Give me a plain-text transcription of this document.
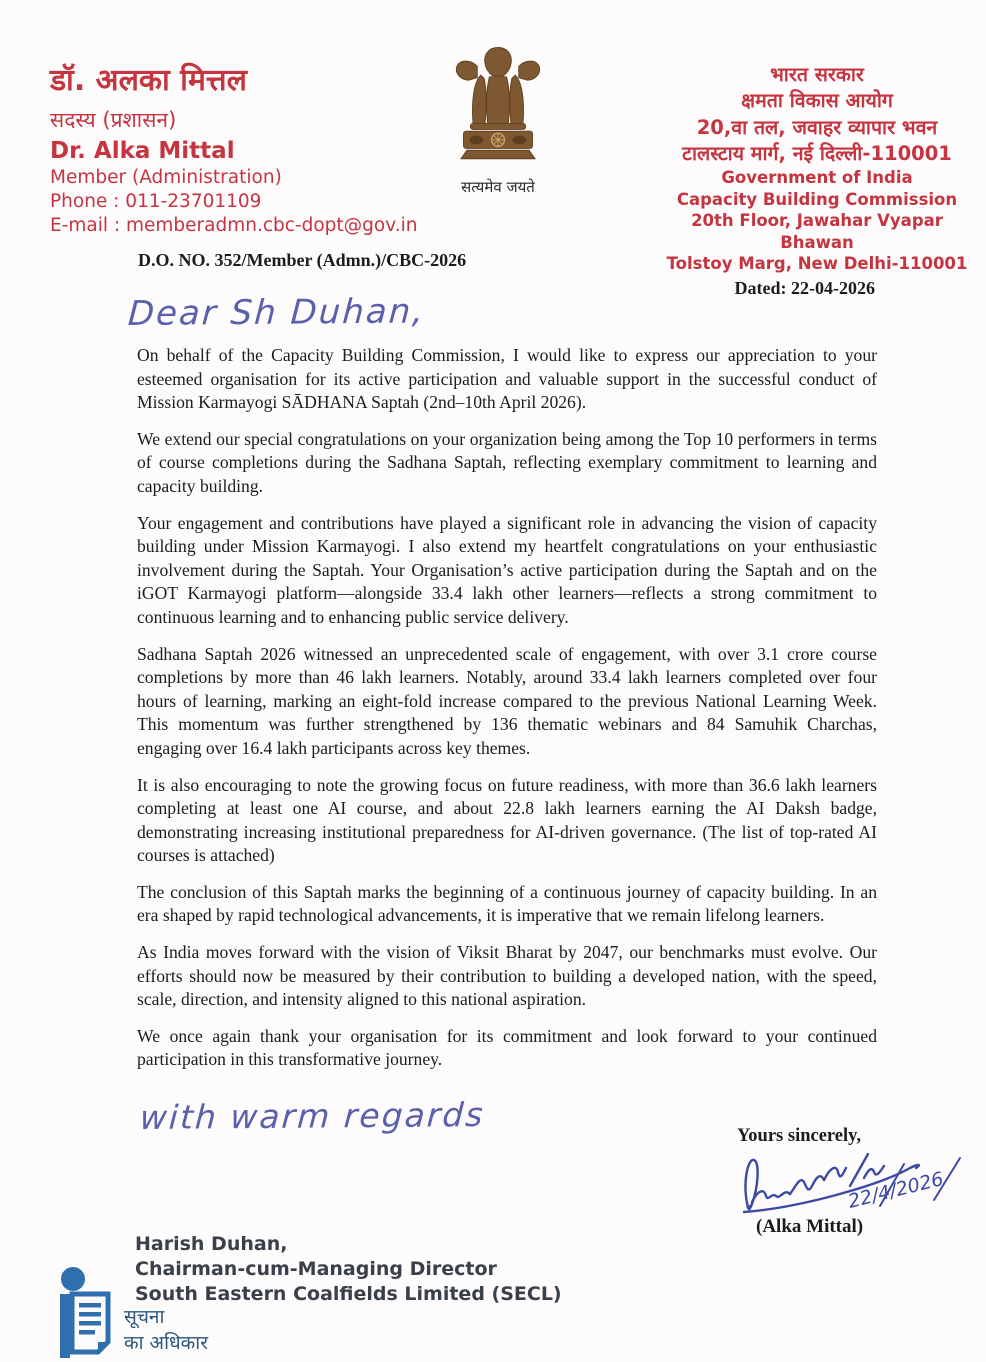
डॉ. अलका मित्तल
सदस्य (प्रशासन)
Dr. Alka Mittal
Member (Administration)
Phone : 011-23701109
E-mail : memberadmn.cbc-dopt@gov.in
सत्यमेव जयते
भारत सरकार
क्षमता विकास आयोग
20,वा तल, जवाहर व्यापार भवन
टालस्टाय मार्ग, नई दिल्ली-110001
Government of India
Capacity Building Commission
20th Floor, Jawahar Vyapar Bhawan
Tolstoy Marg, New Delhi-110001
D.O. NO. 352/Member (Admn.)/CBC-2026
Dated: 22-04-2026
Dear Sh Duhan,

On behalf of the Capacity Building Commission, I would like to express our appreciation to your esteemed organisation for its active participation and valuable support in the successful conduct of Mission Karmayogi SĀDHANA Saptah (2nd–10th April 2026).

We extend our special congratulations on your organization being among the Top 10 performers in terms of course completions during the Sadhana Saptah, reflecting exemplary commitment to learning and capacity building.

Your engagement and contributions have played a significant role in advancing the vision of capacity building under Mission Karmayogi. I also extend my heartfelt congratulations on your enthusiastic involvement during the Saptah. Your Organisation’s active participation during the Saptah and on the iGOT Karmayogi platform—alongside 33.4 lakh other learners—reflects a strong commitment to continuous learning and to enhancing public service delivery.

Sadhana Saptah 2026 witnessed an unprecedented scale of engagement, with over 3.1 crore course completions by more than 46 lakh learners. Notably, around 33.4 lakh learners completed over four hours of learning, marking an eight-fold increase compared to the previous National Learning Week. This momentum was further strengthened by 136 thematic webinars and 84 Samuhik Charchas, engaging over 16.4 lakh participants across key themes.

It is also encouraging to note the growing focus on future readiness, with more than 36.6 lakh learners completing at least one AI course, and about 22.8 lakh learners earning the AI Daksh badge, demonstrating increasing institutional preparedness for AI-driven governance. (The list of top-rated AI courses is attached)

The conclusion of this Saptah marks the beginning of a continuous journey of capacity building. In an era shaped by rapid technological advancements, it is imperative that we remain lifelong learners.

As India moves forward with the vision of Viksit Bharat by 2047, our benchmarks must evolve. Our efforts should now be measured by their contribution to building a developed nation, with the speed, scale, direction, and intensity aligned to this national aspiration.

We once again thank your organisation for its commitment and look forward to your continued participation in this transformative journey.

with warm regards	Yours sincerely,
22/4/2026
(Alka Mittal)
Harish Duhan,
Chairman-cum-Managing Director
South Eastern Coalfields Limited (SECL)
सूचना
का अधिकार
